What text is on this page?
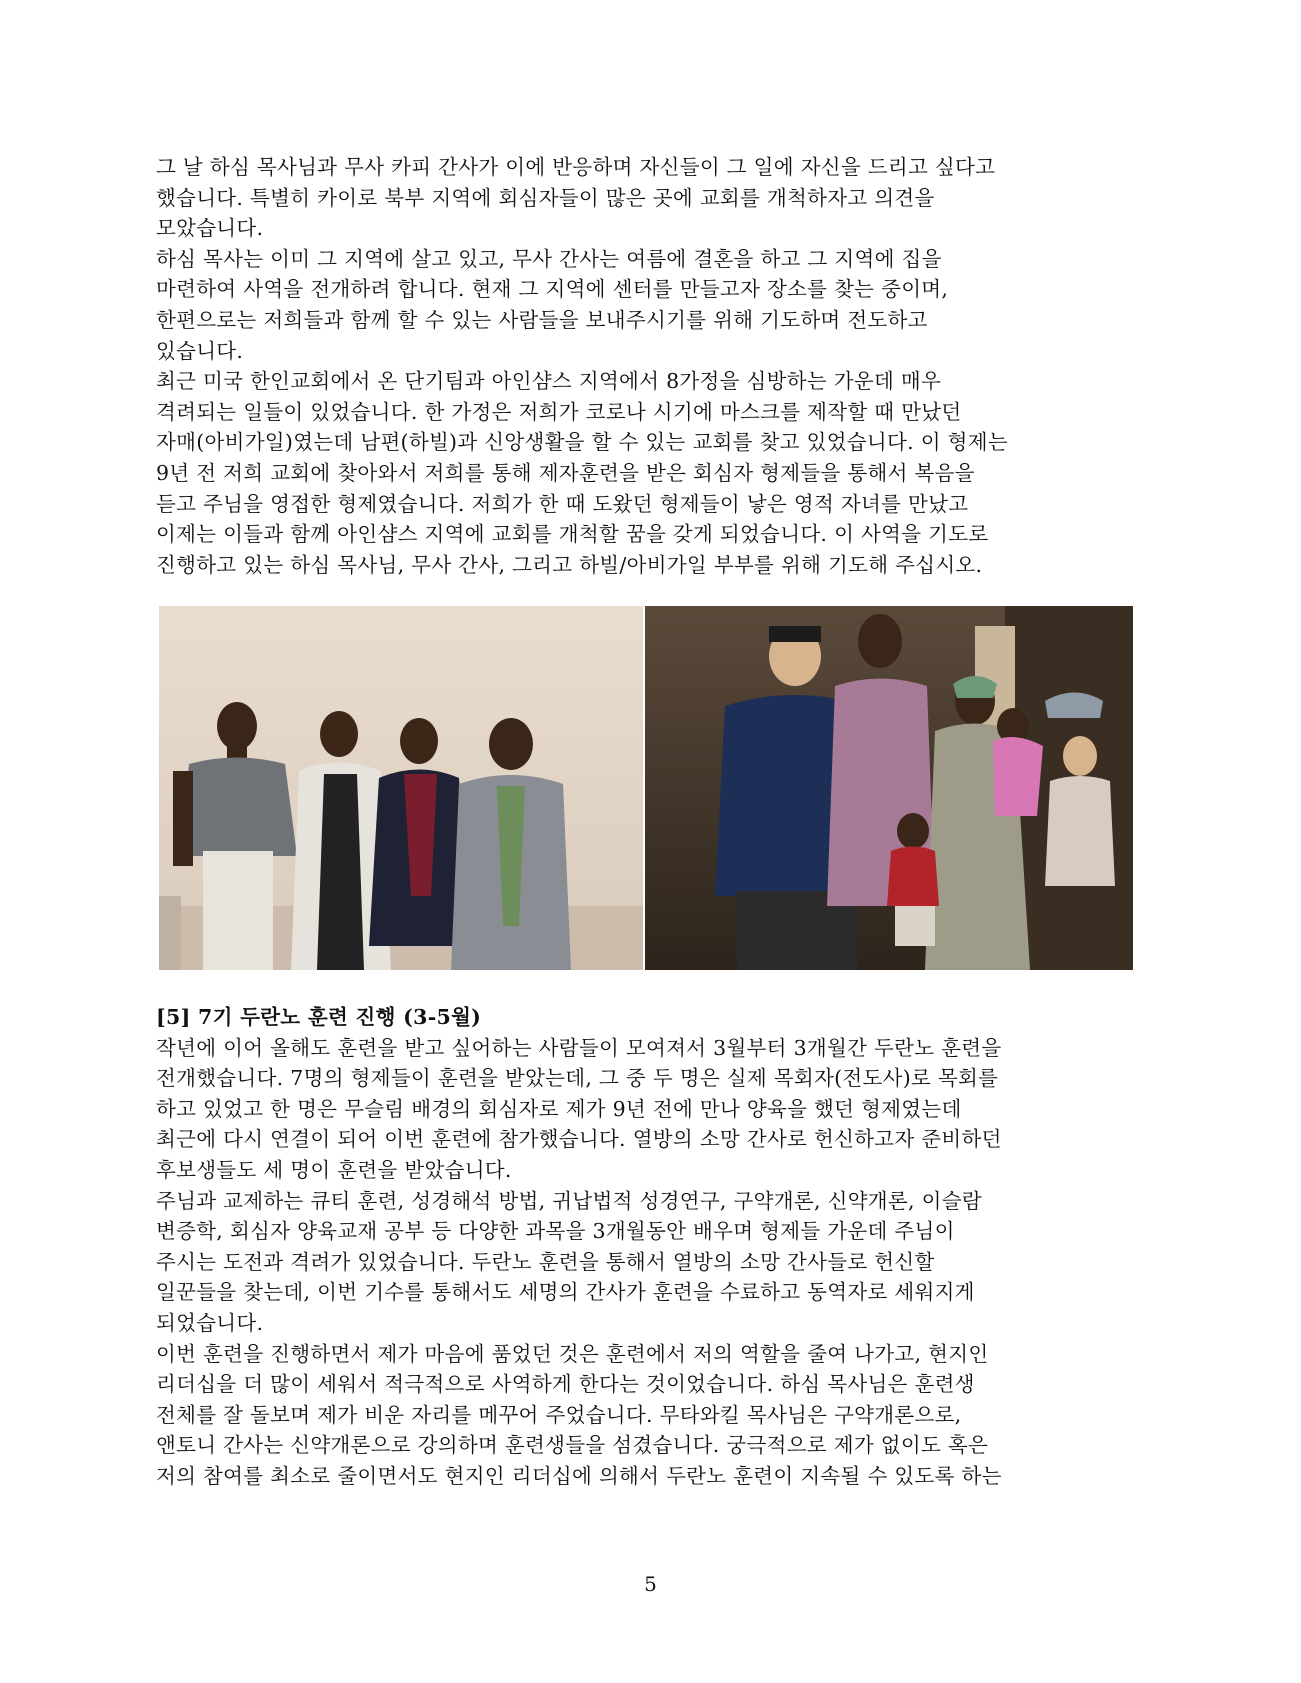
그 날 하심 목사님과 무사 카피 간사가 이에 반응하며 자신들이 그 일에 자신을 드리고 싶다고
했습니다. 특별히 카이로 북부 지역에 회심자들이 많은 곳에 교회를 개척하자고 의견을
모았습니다.
하심 목사는 이미 그 지역에 살고 있고, 무사 간사는 여름에 결혼을 하고 그 지역에 집을
마련하여 사역을 전개하려 합니다. 현재 그 지역에 센터를 만들고자 장소를 찾는 중이며,
한편으로는 저희들과 함께 할 수 있는 사람들을 보내주시기를 위해 기도하며 전도하고
있습니다.
최근 미국 한인교회에서 온 단기팀과 아인샴스 지역에서 8가정을 심방하는 가운데 매우
격려되는 일들이 있었습니다. 한 가정은 저희가 코로나 시기에 마스크를 제작할 때 만났던
자매(아비가일)였는데 남편(하빌)과 신앙생활을 할 수 있는 교회를 찾고 있었습니다. 이 형제는
9년 전 저희 교회에 찾아와서 저희를 통해 제자훈련을 받은 회심자 형제들을 통해서 복음을
듣고 주님을 영접한 형제였습니다. 저희가 한 때 도왔던 형제들이 낳은 영적 자녀를 만났고
이제는 이들과 함께 아인샴스 지역에 교회를 개척할 꿈을 갖게 되었습니다. 이 사역을 기도로
진행하고 있는 하심 목사님, 무사 간사, 그리고 하빌/아비가일 부부를 위해 기도해 주십시오.
[5] 7기 두란노 훈련 진행 (3-5월)
작년에 이어 올해도 훈련을 받고 싶어하는 사람들이 모여져서 3월부터 3개월간 두란노 훈련을
전개했습니다. 7명의 형제들이 훈련을 받았는데, 그 중 두 명은 실제 목회자(전도사)로 목회를
하고 있었고 한 명은 무슬림 배경의 회심자로 제가 9년 전에 만나 양육을 했던 형제였는데
최근에 다시 연결이 되어 이번 훈련에 참가했습니다. 열방의 소망 간사로 헌신하고자 준비하던
후보생들도 세 명이 훈련을 받았습니다.
주님과 교제하는 큐티 훈련, 성경해석 방법, 귀납법적 성경연구, 구약개론, 신약개론, 이슬람
변증학, 회심자 양육교재 공부 등 다양한 과목을 3개월동안 배우며 형제들 가운데 주님이
주시는 도전과 격려가 있었습니다. 두란노 훈련을 통해서 열방의 소망 간사들로 헌신할
일꾼들을 찾는데, 이번 기수를 통해서도 세명의 간사가 훈련을 수료하고 동역자로 세워지게
되었습니다.
이번 훈련을 진행하면서 제가 마음에 품었던 것은 훈련에서 저의 역할을 줄여 나가고, 현지인
리더십을 더 많이 세워서 적극적으로 사역하게 한다는 것이었습니다. 하심 목사님은 훈련생
전체를 잘 돌보며 제가 비운 자리를 메꾸어 주었습니다. 무타와킬 목사님은 구약개론으로,
앤토니 간사는 신약개론으로 강의하며 훈련생들을 섬겼습니다. 궁극적으로 제가 없이도 혹은
저의 참여를 최소로 줄이면서도 현지인 리더십에 의해서 두란노 훈련이 지속될 수 있도록 하는
5
